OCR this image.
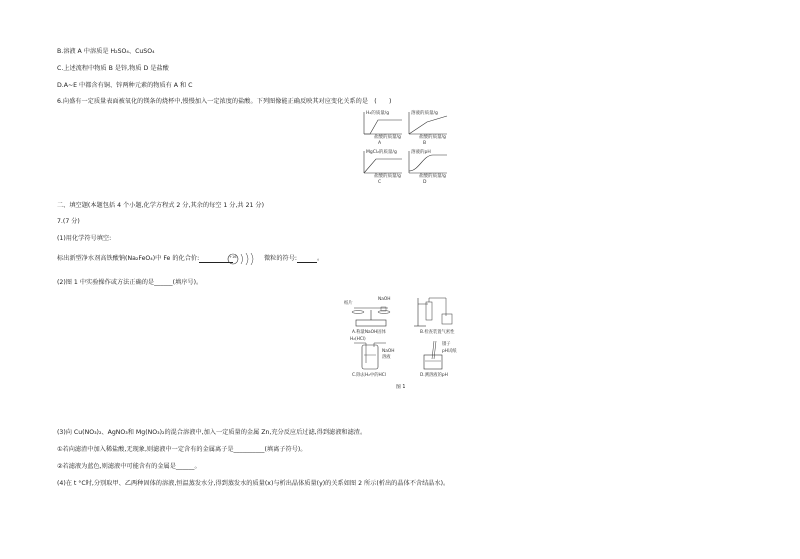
B.溶液 A 中溶质是 H₂SO₄、CuSO₄
C.上述流程中物质 B 是锌,物质 D 是盐酸
D.A~E 中都含有铜、锌两种元素的物质有 A 和 C
6.向盛有一定质量表面被氧化的镁条的烧杯中,慢慢加入一定浓度的盐酸。下列图像能正确反映其对应变化关系的是　(　　)
H₂的质量/g
盐酸的质量/g
A
溶液的质量/g
盐酸的质量/g
B
MgCl₂的质量/g
盐酸的质量/g
C
溶液的pH
盐酸的质量/g
D
二、填空题(本题包括 4 个小题,化学方程式 2 分,其余的每空 1 分,共 21 分)
7.(7 分)
(1)用化学符号填空:
标出新型净水剂高铁酸钠(Na₂FeO₄)中 Fe 的化合价:	+16	微粒的符号:	。
(2)图 1 中实验操作或方法正确的是______(填序号)。
纸片
NaOH
A.称量NaOH固体	B.检查装置气密性
H₂(HCl)
NaOH
溶液
C.除去H₂中的HCl
镊子
pH试纸
D.测溶液的pH
图 1
(3)向 Cu(NO₃)₂、AgNO₃和 Mg(NO₃)₂的混合溶液中,加入一定质量的金属 Zn,充分反应后过滤,得到滤液和滤渣。
①若向滤渣中加入稀盐酸,无现象,则滤液中一定含有的金属离子是__________(填离子符号)。
②若滤液为蓝色,则滤液中可能含有的金属是______。
(4)在 t °C时,分别取甲、乙两种固体的溶液,恒温蒸发水分,得到蒸发水的质量(x)与析出晶体质量(y)的关系如图 2 所示(析出的晶体不含结晶水)。
